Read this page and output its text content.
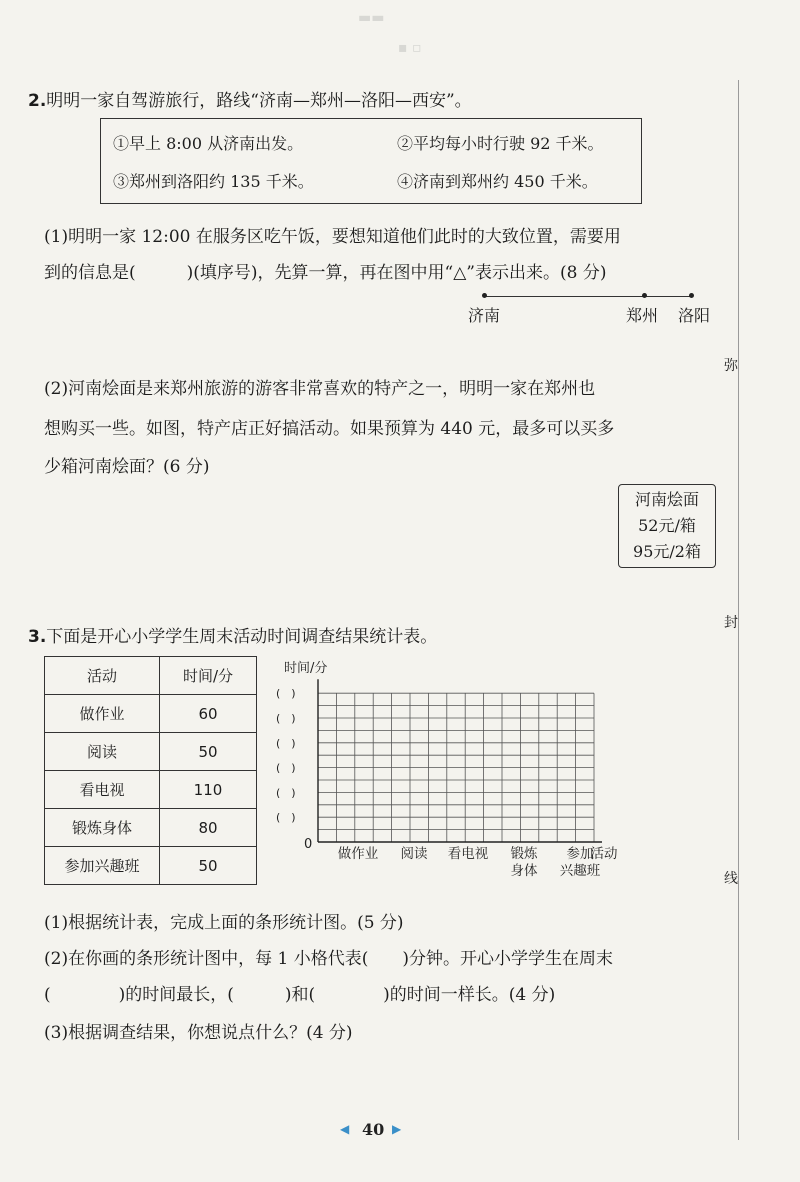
▬▬
▪ ▫
弥
封
线
2.明明一家自驾游旅行，路线“济南—郑州—洛阳—西安”。
①早上 8:00 从济南出发。	②平均每小时行驶 92 千米。
③郑州到洛阳约 135 千米。	④济南到郑州约 450 千米。
(1)明明一家 12:00 在服务区吃午饭，要想知道他们此时的大致位置，需要用
到的信息是(　　　)(填序号)，先算一算，再在图中用“△”表示出来。(8 分)
济南	郑州 洛阳
(2)河南烩面是来郑州旅游的游客非常喜欢的特产之一，明明一家在郑州也
想购买一些。如图，特产店正好搞活动。如果预算为 440 元，最多可以买多
少箱河南烩面？(6 分)
河南烩面
52元/箱
95元/2箱
3.下面是开心小学学生周末活动时间调查结果统计表。
活动	时间/分
做作业	60
阅读	50
看电视	110
锻炼身体	80
参加兴趣班	50
时间/分
0
(　)
(　)
(　)
(　)
(　)
(　)
做作业 阅读 看电视 锻炼
身体
参加
兴趣班
活动
(1)根据统计表，完成上面的条形统计图。(5 分)
(2)在你画的条形统计图中，每 1 小格代表(　　)分钟。开心小学学生在周末
(　　　　)的时间最长，(　　　)和(　　　　)的时间一样长。(4 分)
(3)根据调查结果，你想说点什么？(4 分)
◀ 40 ▶
